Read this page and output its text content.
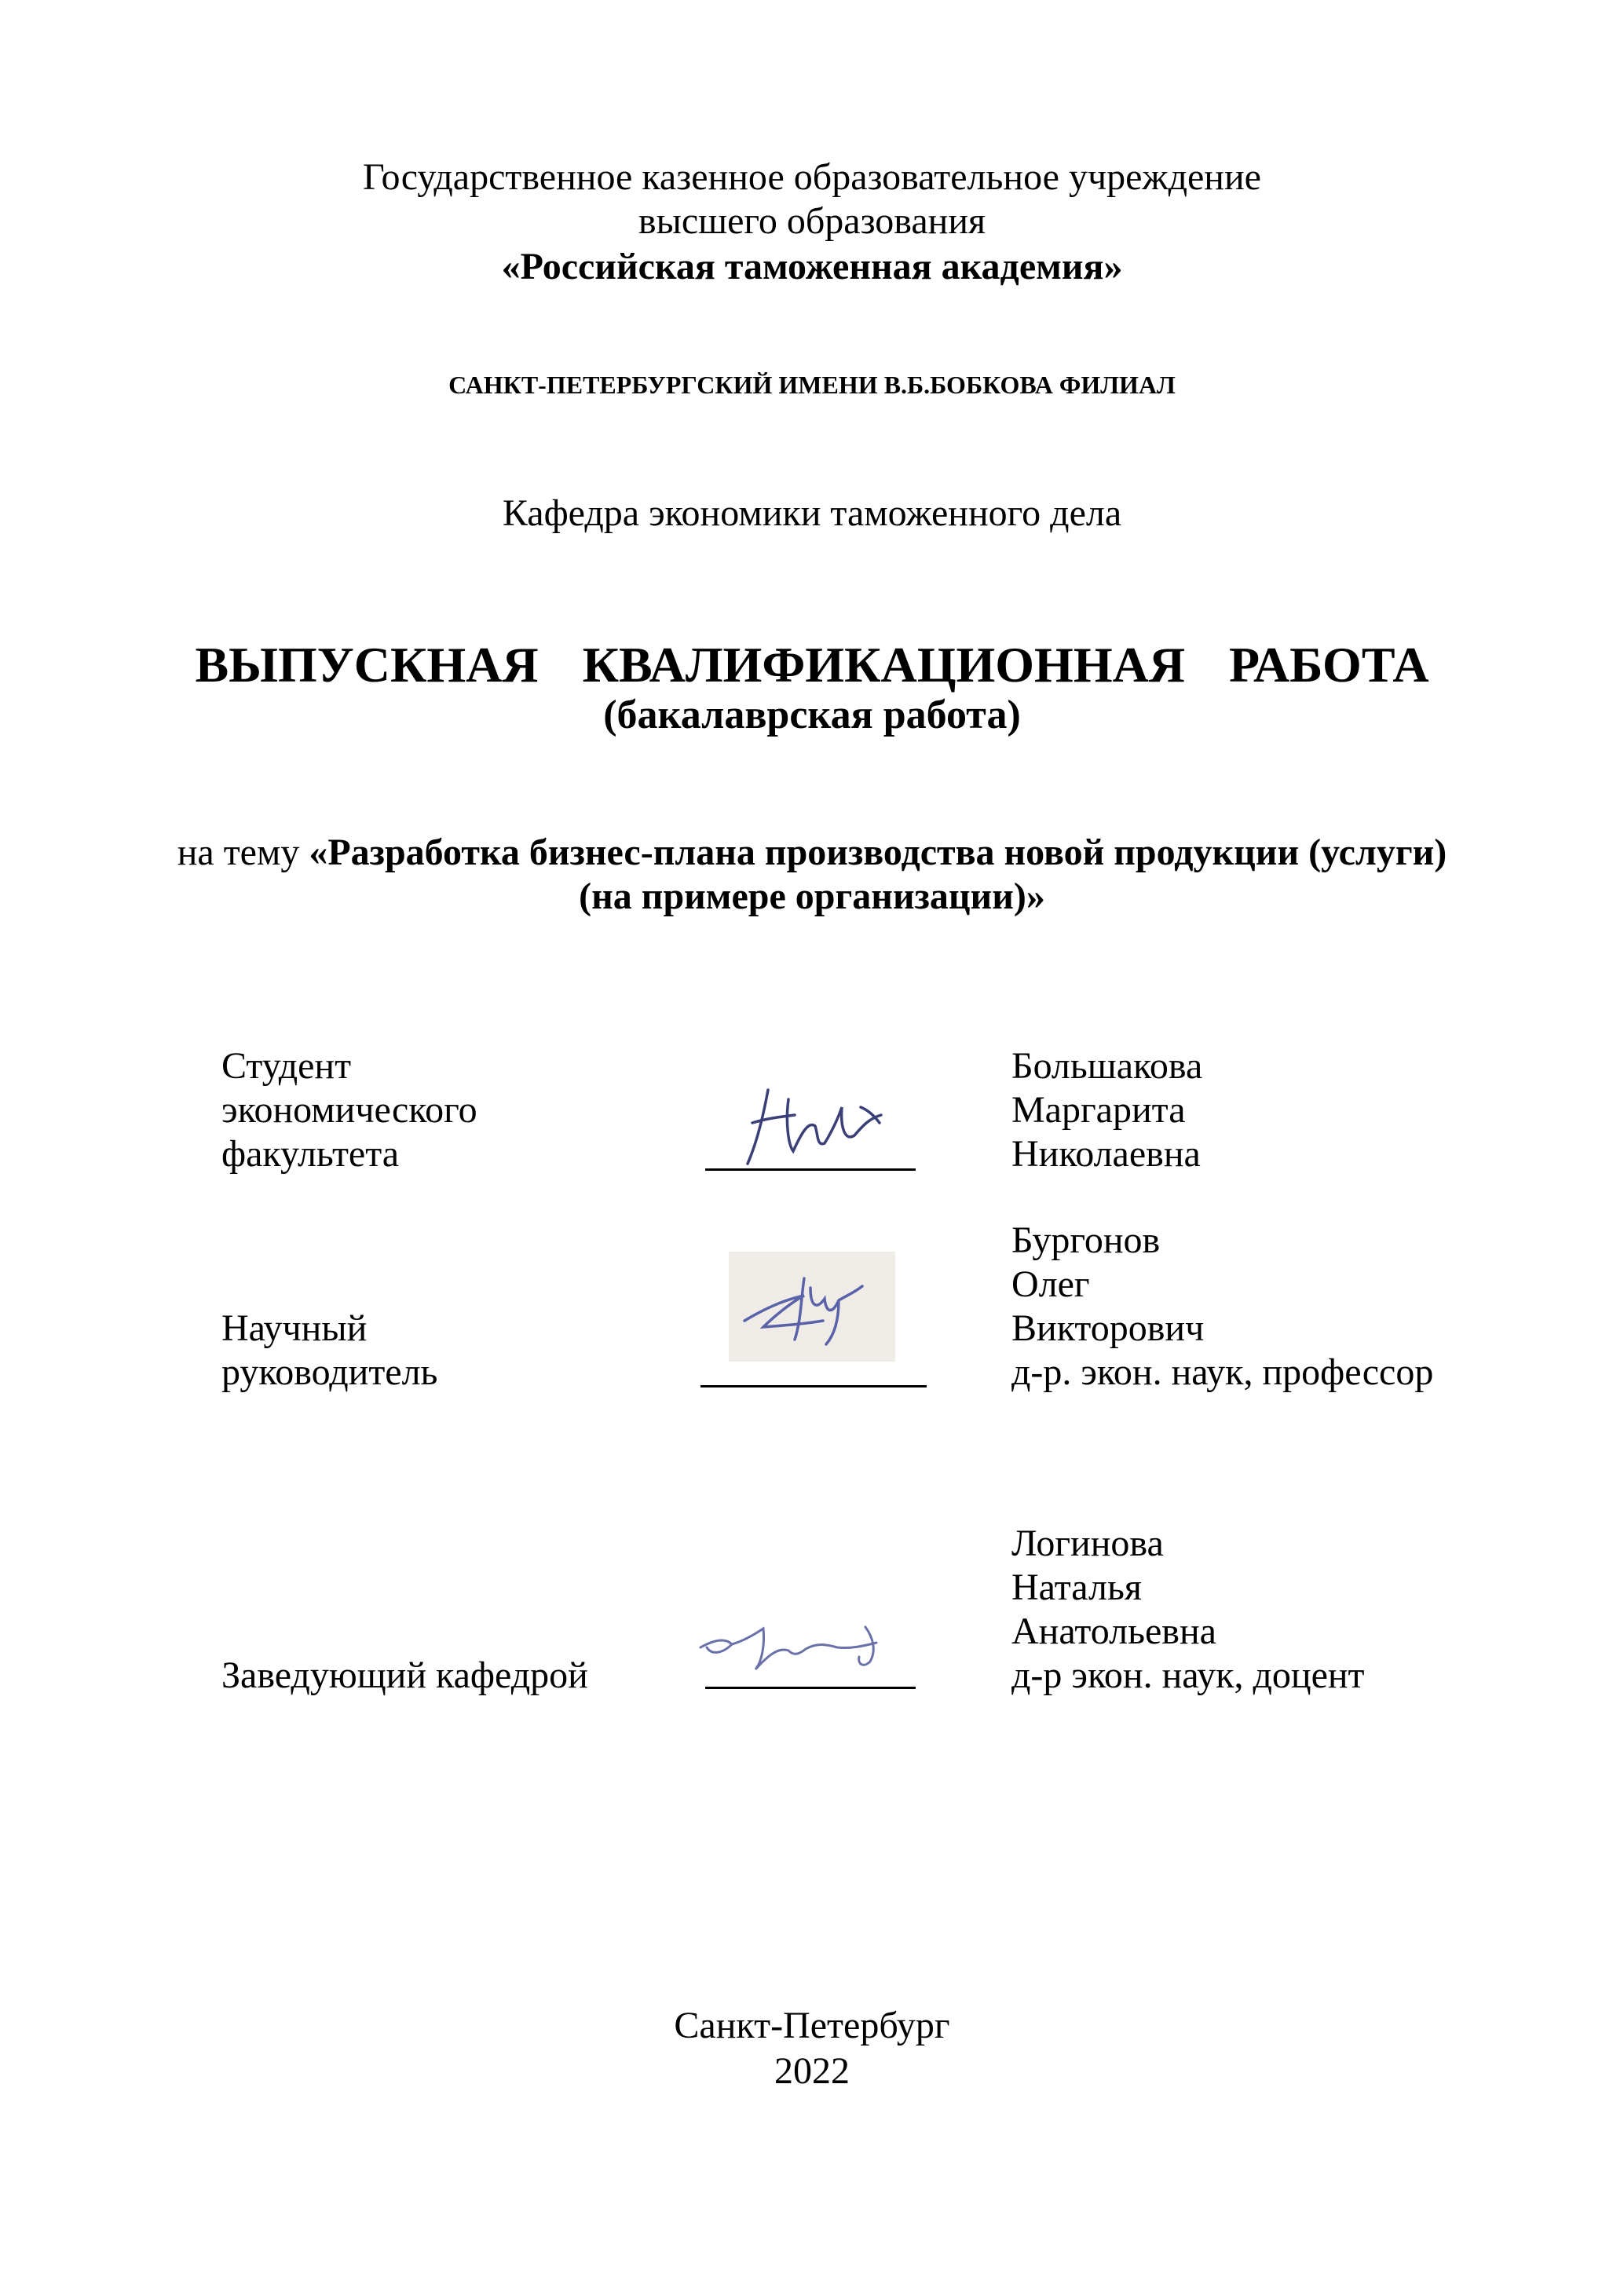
Государственное казенное образовательное учреждение
высшего образования
«Российская таможенная академия»
САНКТ-ПЕТЕРБУРГСКИЙ ИМЕНИ В.Б.БОБКОВА ФИЛИАЛ
Кафедра экономики таможенного дела
ВЫПУСКНАЯ КВАЛИФИКАЦИОННАЯ РАБОТА
(бакалаврская работа)
на тему «Разработка бизнес-плана производства новой продукции (услуги)
(на примере организации)»
Студент
экономического
факультета
Большакова
Маргарита
Николаевна
Научный
руководитель
Бургонов
Олег
Викторович
д-р. экон. наук, профессор
Заведующий кафедрой
Логинова
Наталья
Анатольевна
д-р экон. наук, доцент
Санкт-Петербург
2022
